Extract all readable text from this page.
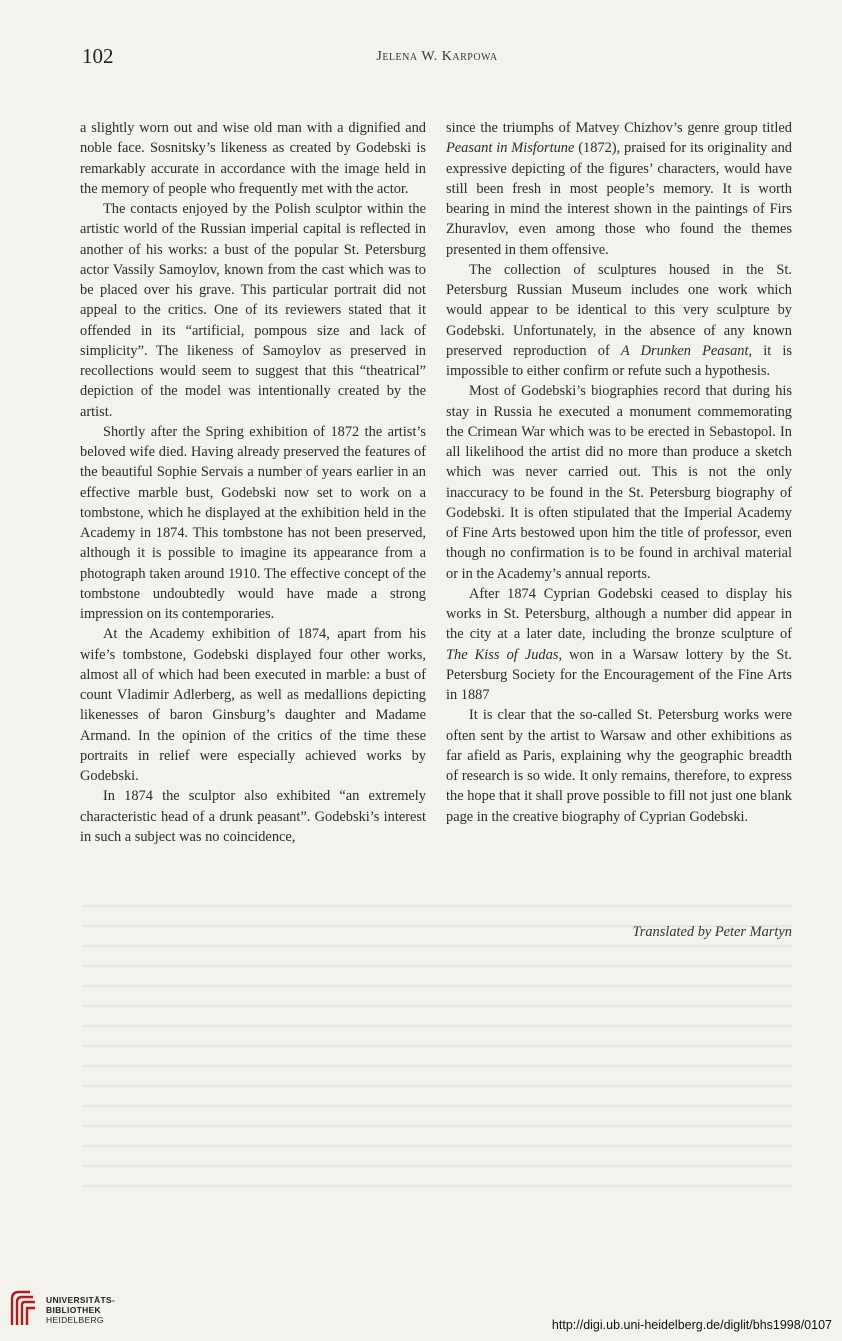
102	Jelena W. Karpowa

a slightly worn out and wise old man with a dignified and noble face. Sosnitsky’s likeness as created by Godebski is remarkably accurate in accordance with the image held in the memory of people who frequently met with the actor.

The contacts enjoyed by the Polish sculptor within the artistic world of the Russian imperial capital is reflected in another of his works: a bust of the popular St. Petersburg actor Vassily Samoylov, known from the cast which was to be placed over his grave. This particular portrait did not appeal to the critics. One of its reviewers stated that it offended in its “artificial, pompous size and lack of simplicity”. The likeness of Samoylov as preserved in recollections would seem to suggest that this “theatrical” depiction of the model was intentionally created by the artist.

Shortly after the Spring exhibition of 1872 the artist’s beloved wife died. Having already preserved the features of the beautiful Sophie Servais a number of years earlier in an effective marble bust, Godebski now set to work on a tombstone, which he displayed at the exhibition held in the Academy in 1874. This tombstone has not been preserved, although it is possible to imagine its appearance from a photograph taken around 1910. The effective concept of the tombstone undoubtedly would have made a strong impression on its contemporaries.

At the Academy exhibition of 1874, apart from his wife’s tombstone, Godebski displayed four other works, almost all of which had been executed in marble: a bust of count Vladimir Adlerberg, as well as medallions depicting likenesses of baron Ginsburg’s daughter and Madame Armand. In the opinion of the critics of the time these portraits in relief were especially achieved works by Godebski.

In 1874 the sculptor also exhibited “an extremely characteristic head of a drunk peasant”. Godebski’s interest in such a subject was no coincidence,

since the triumphs of Matvey Chizhov’s genre group titled Peasant in Misfortune (1872), praised for its originality and expressive depicting of the figures’ characters, would have still been fresh in most people’s memory. It is worth bearing in mind the interest shown in the paintings of Firs Zhuravlov, even among those who found the themes presented in them offensive.

The collection of sculptures housed in the St. Petersburg Russian Museum includes one work which would appear to be identical to this very sculpture by Godebski. Unfortunately, in the absence of any known preserved reproduction of A Drunken Peasant, it is impossible to either confirm or refute such a hypothesis.

Most of Godebski’s biographies record that during his stay in Russia he executed a monument commemorating the Crimean War which was to be erected in Sebastopol. In all likelihood the artist did no more than produce a sketch which was never carried out. This is not the only inaccuracy to be found in the St. Petersburg biography of Godebski. It is often stipulated that the Imperial Academy of Fine Arts bestowed upon him the title of professor, even though no confirmation is to be found in archival material or in the Academy’s annual reports.

After 1874 Cyprian Godebski ceased to display his works in St. Petersburg, although a number did appear in the city at a later date, including the bronze sculpture of The Kiss of Judas, won in a Warsaw lottery by the St. Petersburg Society for the Encouragement of the Fine Arts in 1887

It is clear that the so-called St. Petersburg works were often sent by the artist to Warsaw and other exhibitions as far afield as Paris, explaining why the geographic breadth of research is so wide. It only remains, therefore, to express the hope that it shall prove possible to fill not just one blank page in the creative biography of Cyprian Godebski.

Translated by Peter Martyn
UNIVERSITÄTS-
BIBLIOTHEK
HEIDELBERG	http://digi.ub.uni-heidelberg.de/diglit/bhs1998/0107
